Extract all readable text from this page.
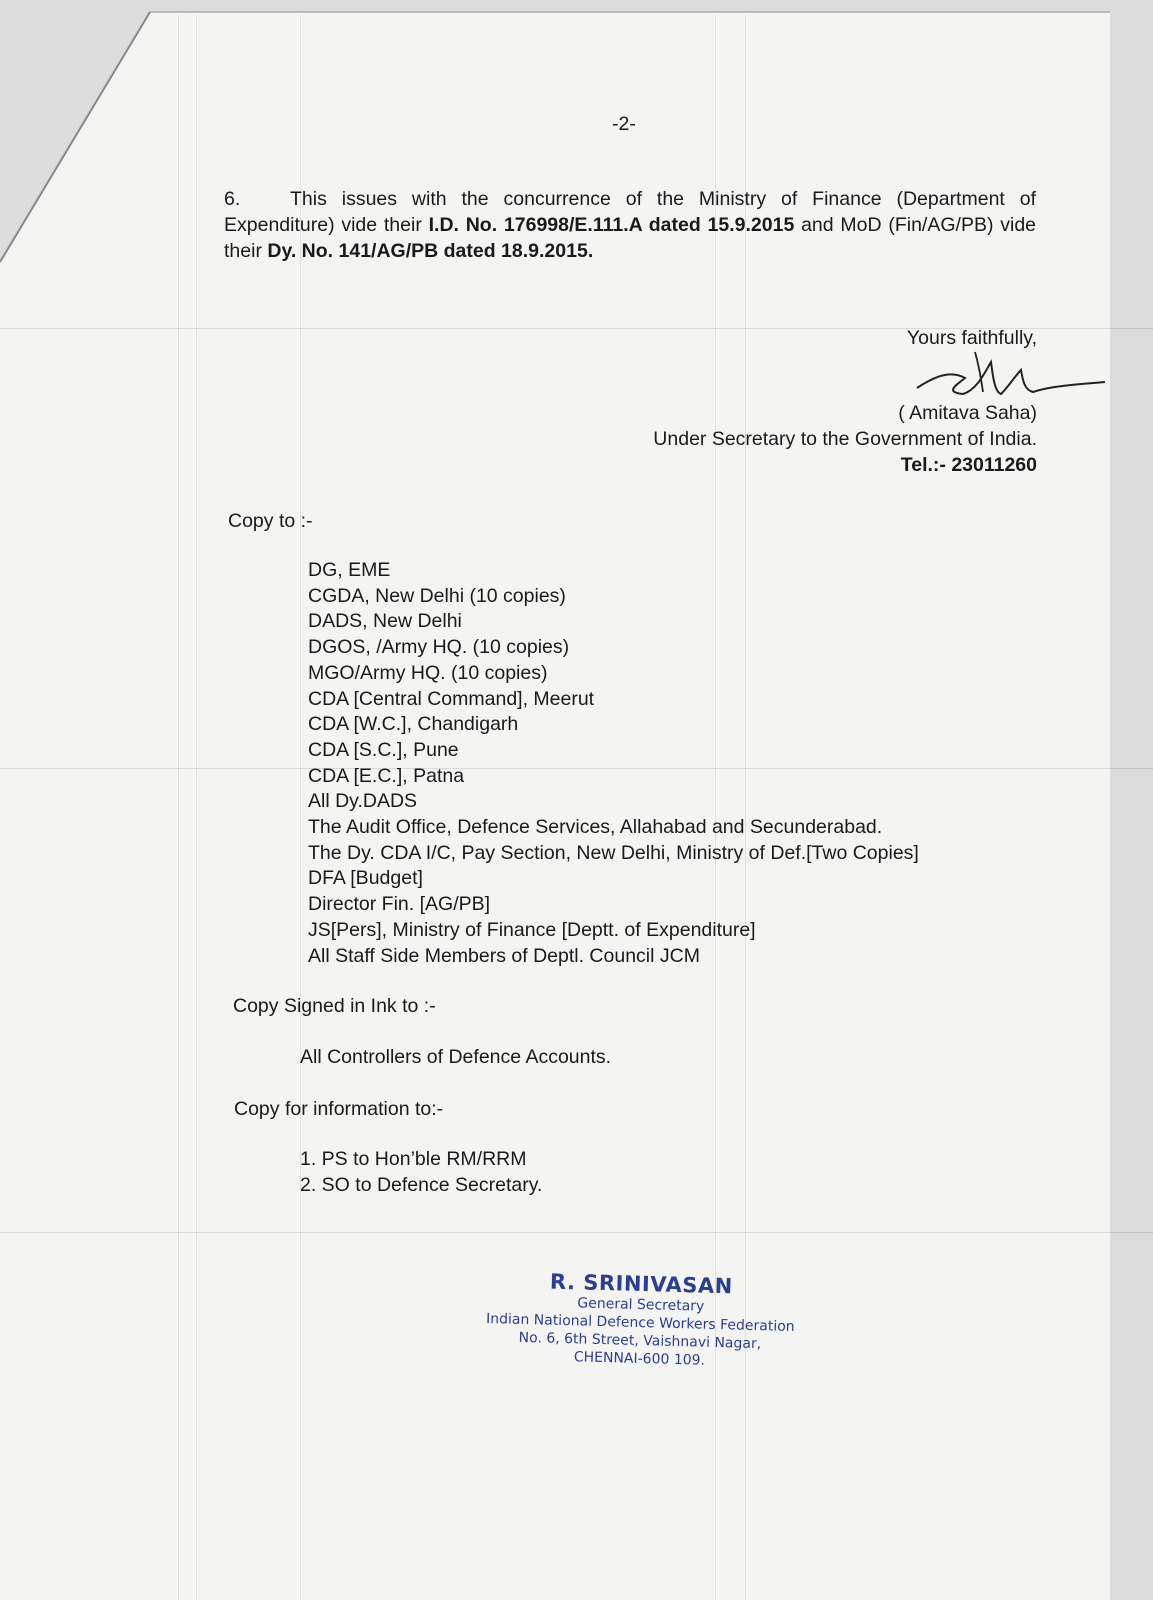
-2-
6.	This issues with the concurrence of the Ministry of Finance (Department of Expenditure) vide their I.D. No. 176998/E.111.A dated 15.9.2015 and MoD (Fin/AG/PB) vide their Dy. No. 141/AG/PB dated 18.9.2015.
Yours faithfully,
( Amitava Saha)
Under Secretary to the Government of India.
Tel.:- 23011260
Copy to :-
DG, EME
CGDA, New Delhi (10 copies)
DADS, New Delhi
DGOS, /Army HQ. (10 copies)
MGO/Army HQ. (10 copies)
CDA [Central Command], Meerut
CDA [W.C.], Chandigarh
CDA [S.C.], Pune
CDA [E.C.], Patna
All Dy.DADS
The Audit Office, Defence Services, Allahabad and Secunderabad.
The Dy. CDA I/C, Pay Section, New Delhi, Ministry of Def.[Two Copies]
DFA [Budget]
Director Fin. [AG/PB]
JS[Pers], Ministry of Finance [Deptt. of Expenditure]
All Staff Side Members of Deptl. Council JCM
Copy Signed in Ink to :-
All Controllers of Defence Accounts.
Copy for information to:-
1. PS to Hon’ble RM/RRM
2. SO to Defence Secretary.
R. SRINIVASAN
General Secretary
Indian National Defence Workers Federation
No. 6, 6th Street, Vaishnavi Nagar,
CHENNAI-600 109.
